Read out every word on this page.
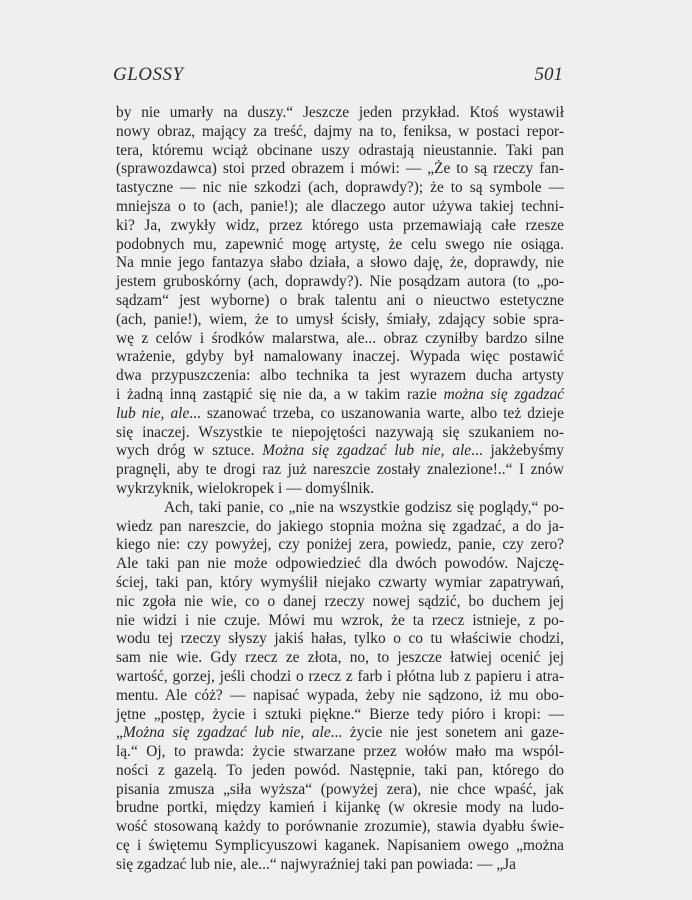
GLOSSY	501
by nie umarły na duszy.“ Jeszcze jeden przykład. Ktoś wystawił
nowy obraz, mający za treść, dajmy na to, feniksa, w postaci repor-
tera, któremu wciąż obcinane uszy odrastają nieustannie. Taki pan
(sprawozdawca) stoi przed obrazem i mówi: — „Że to są rzeczy fan-
tastyczne — nic nie szkodzi (ach, doprawdy?); że to są symbole —
mniejsza o to (ach, panie!); ale dlaczego autor używa takiej techni-
ki? Ja, zwykły widz, przez którego usta przemawiają całe rzesze
podobnych mu, zapewnić mogę artystę, że celu swego nie osiąga.
Na mnie jego fantazya słabo działa, a słowo daję, że, doprawdy, nie
jestem gruboskórny (ach, doprawdy?). Nie posądzam autora (to „po-
sądzam“ jest wyborne) o brak talentu ani o nieuctwo estetyczne
(ach, panie!), wiem, że to umysł ścisły, śmiały, zdający sobie spra-
wę z celów i środków malarstwa, ale... obraz czyniłby bardzo silne
wrażenie, gdyby był namalowany inaczej. Wypada więc postawić
dwa przypuszczenia: albo technika ta jest wyrazem ducha artysty
i żadną inną zastąpić się nie da, a w takim razie można się zgadzać
lub nie, ale... szanować trzeba, co uszanowania warte, albo też dzieje
się inaczej. Wszystkie te niepojętości nazywają się szukaniem no-
wych dróg w sztuce. Można się zgadzać lub nie, ale... jakżebyśmy
pragnęli, aby te drogi raz już nareszcie zostały znalezione!..“ I znów
wykrzyknik, wielokropek i — domyślnik.
Ach, taki panie, co „nie na wszystkie godzisz się poglądy,“ po-
wiedz pan nareszcie, do jakiego stopnia można się zgadzać, a do ja-
kiego nie: czy powyżej, czy poniżej zera, powiedz, panie, czy zero?
Ale taki pan nie może odpowiedzieć dla dwóch powodów. Najczę-
ściej, taki pan, który wymyślił niejako czwarty wymiar zapatrywań,
nic zgoła nie wie, co o danej rzeczy nowej sądzić, bo duchem jej
nie widzi i nie czuje. Mówi mu wzrok, że ta rzecz istnieje, z po-
wodu tej rzeczy słyszy jakiś hałas, tylko o co tu właściwie chodzi,
sam nie wie. Gdy rzecz ze złota, no, to jeszcze łatwiej ocenić jej
wartość, gorzej, jeśli chodzi o rzecz z farb i płótna lub z papieru i atra-
mentu. Ale cóż? — napisać wypada, żeby nie sądzono, iż mu obo-
jętne „postęp, życie i sztuki piękne.“ Bierze tedy pióro i kropi: —
„Można się zgadzać lub nie, ale... życie nie jest sonetem ani gaze-
lą.“ Oj, to prawda: życie stwarzane przez wołów mało ma wspól-
ności z gazelą. To jeden powód. Następnie, taki pan, którego do
pisania zmusza „siła wyższa“ (powyżej zera), nie chce wpaść, jak
brudne portki, między kamień i kijankę (w okresie mody na ludo-
wość stosowaną każdy to porównanie zrozumie), stawia dyabłu świe-
cę i świętemu Symplicyuszowi kaganek. Napisaniem owego „można
się zgadzać lub nie, ale...“ najwyraźniej taki pan powiada: — „Ja
